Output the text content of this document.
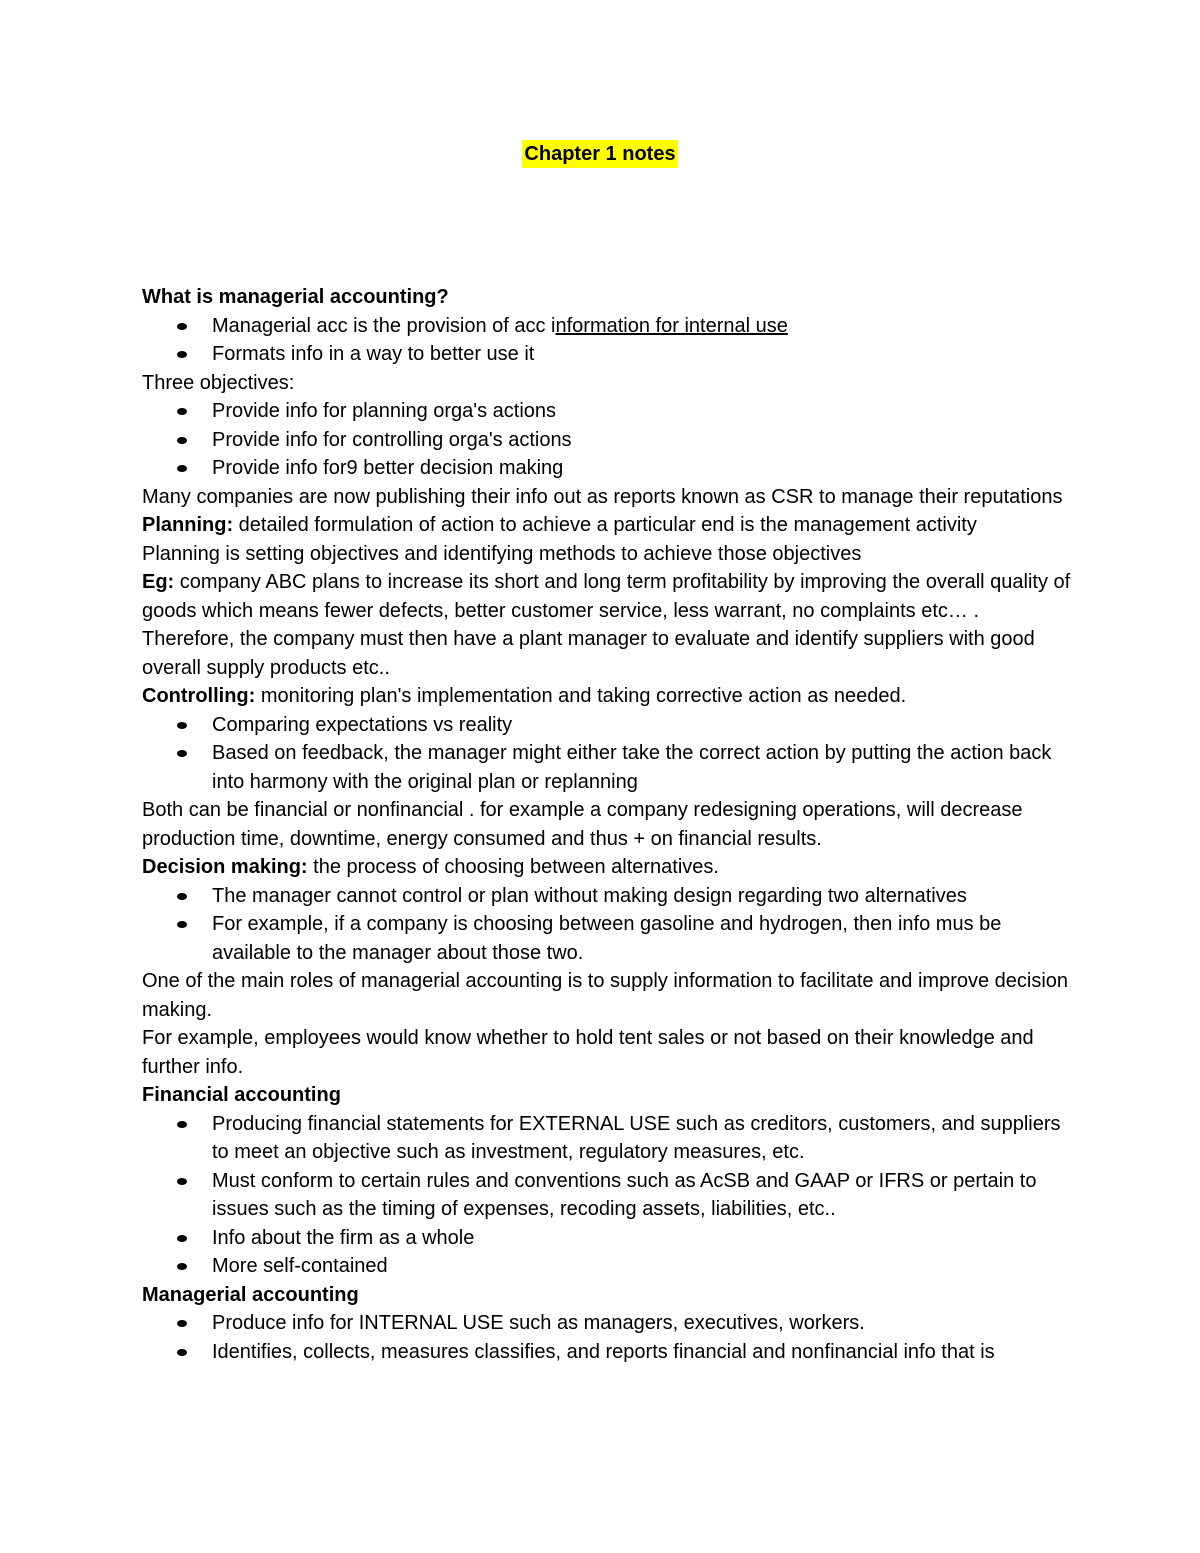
Chapter 1 notes

What is managerial accounting?

Managerial acc is the provision of acc information for internal use
Formats info in a way to better use it

Three objectives:

Provide info for planning orga's actions
Provide info for controlling orga's actions
Provide info for9 better decision making

Many companies are now publishing their info out as reports known as CSR to manage their reputations

Planning: detailed formulation of action to achieve a particular end is the management activity

Planning is setting objectives and identifying methods to achieve those objectives

Eg: company ABC plans to increase its short and long term profitability by improving the overall quality of goods which means fewer defects, better customer service, less warrant, no complaints etc… . Therefore, the company must then have a plant manager to evaluate and identify suppliers with good overall supply products etc..

Controlling: monitoring plan's implementation and taking corrective action as needed.

Comparing expectations vs reality
Based on feedback, the manager might either take the correct action by putting the action back into harmony with the original plan or replanning

Both can be financial or nonfinancial . for example a company redesigning operations, will decrease production time, downtime, energy consumed and thus + on financial results.

Decision making: the process of choosing between alternatives.

The manager cannot control or plan without making design regarding two alternatives
For example, if a company is choosing between gasoline and hydrogen, then info mus be available to the manager about those two.

One of the main roles of managerial accounting is to supply information to facilitate and improve decision making.

For example, employees would know whether to hold tent sales or not based on their knowledge and further info.

Financial accounting

Producing financial statements for EXTERNAL USE such as creditors, customers, and suppliers to meet an objective such as investment, regulatory measures, etc.
Must conform to certain rules and conventions such as AcSB and GAAP or IFRS or pertain to issues such as the timing of expenses, recoding assets, liabilities, etc..
Info about the firm as a whole
More self-contained

Managerial accounting

Produce info for INTERNAL USE such as managers, executives, workers.
Identifies, collects, measures classifies, and reports financial and nonfinancial info that is
